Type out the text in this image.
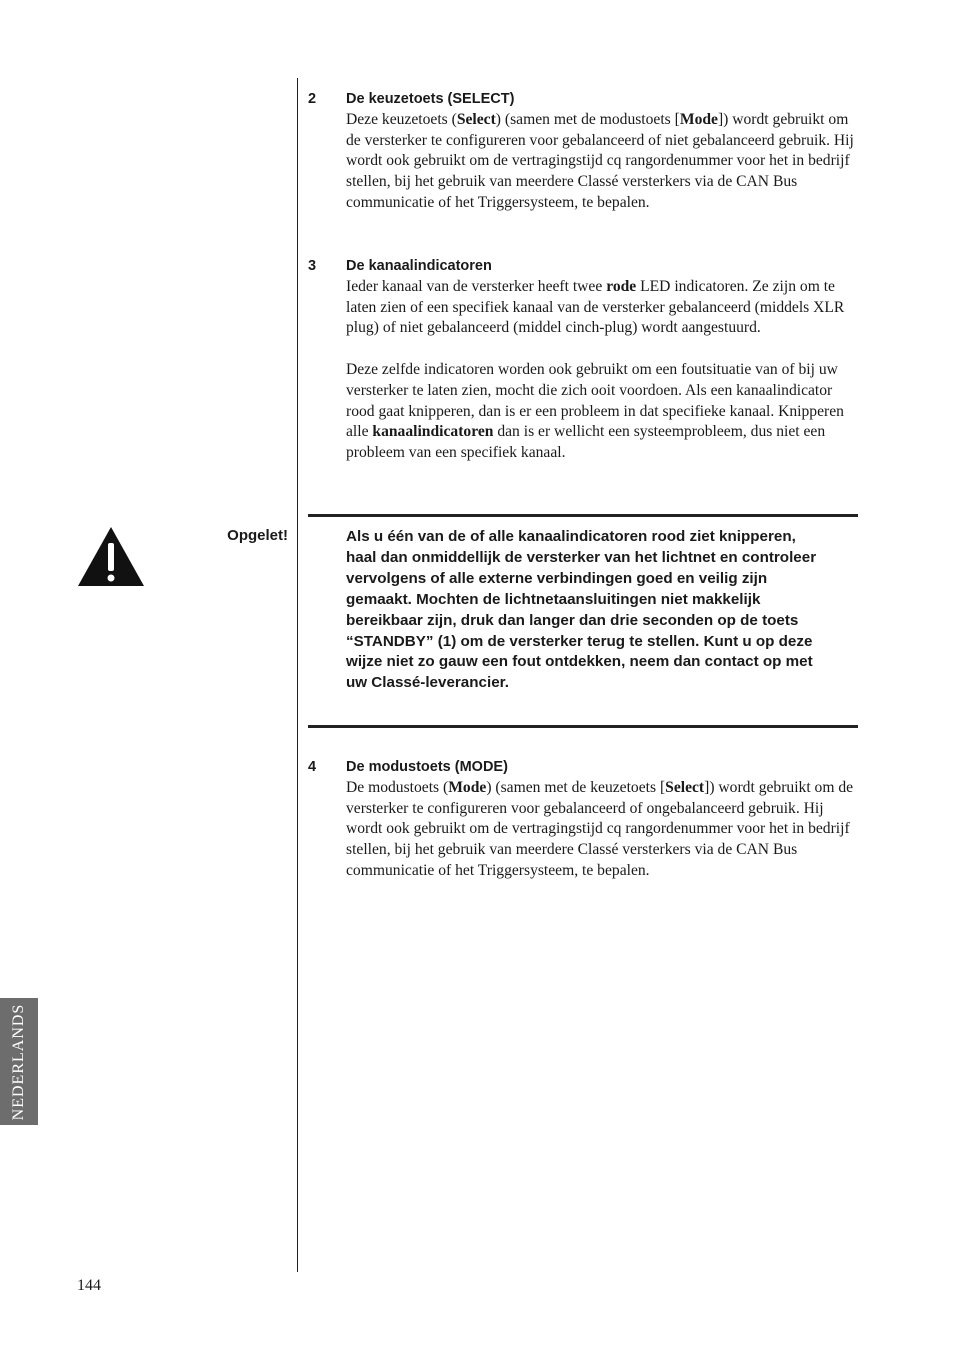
2 De keuzetoets (SELECT)

Deze keuzetoets (Select) (samen met de modustoets [Mode]) wordt gebruikt om de versterker te configureren voor gebalanceerd of niet gebalanceerd gebruik. Hij wordt ook gebruikt om de vertragingstijd cq rangordenummer voor het in bedrijf stellen, bij het gebruik van meerdere Classé versterkers via de CAN Bus communicatie of het Triggersysteem, te bepalen.

3 De kanaalindicatoren

Ieder kanaal van de versterker heeft twee rode LED indicatoren. Ze zijn om te laten zien of een specifiek kanaal van de versterker gebalanceerd (middels XLR plug) of niet gebalanceerd (middel cinch-plug) wordt aangestuurd.

Deze zelfde indicatoren worden ook gebruikt om een foutsituatie van of bij uw versterker te laten zien, mocht die zich ooit voordoen. Als een kanaalindicator rood gaat knipperen, dan is er een probleem in dat specifieke kanaal. Knipperen alle kanaalindicatoren dan is er wellicht een systeemprobleem, dus niet een probleem van een specifiek kanaal.

Opgelet!	Als u één van de of alle kanaalindicatoren rood ziet knipperen, haal dan onmiddellijk de versterker van het lichtnet en controleer vervolgens of alle externe verbindingen goed en veilig zijn gemaakt. Mochten de lichtnetaansluitingen niet makkelijk bereikbaar zijn, druk dan langer dan drie seconden op de toets “STANDBY” (1) om de versterker terug te stellen. Kunt u op deze wijze niet zo gauw een fout ontdekken, neem dan contact op met uw Classé-leverancier.
4 De modustoets (MODE)

De modustoets (Mode) (samen met de keuzetoets [Select]) wordt gebruikt om de versterker te configureren voor gebalanceerd of ongebalanceerd gebruik. Hij wordt ook gebruikt om de vertragingstijd cq rangordenummer voor het in bedrijf stellen, bij het gebruik van meerdere Classé versterkers via de CAN Bus communicatie of het Triggersysteem, te bepalen.

NEDERLANDS
144
